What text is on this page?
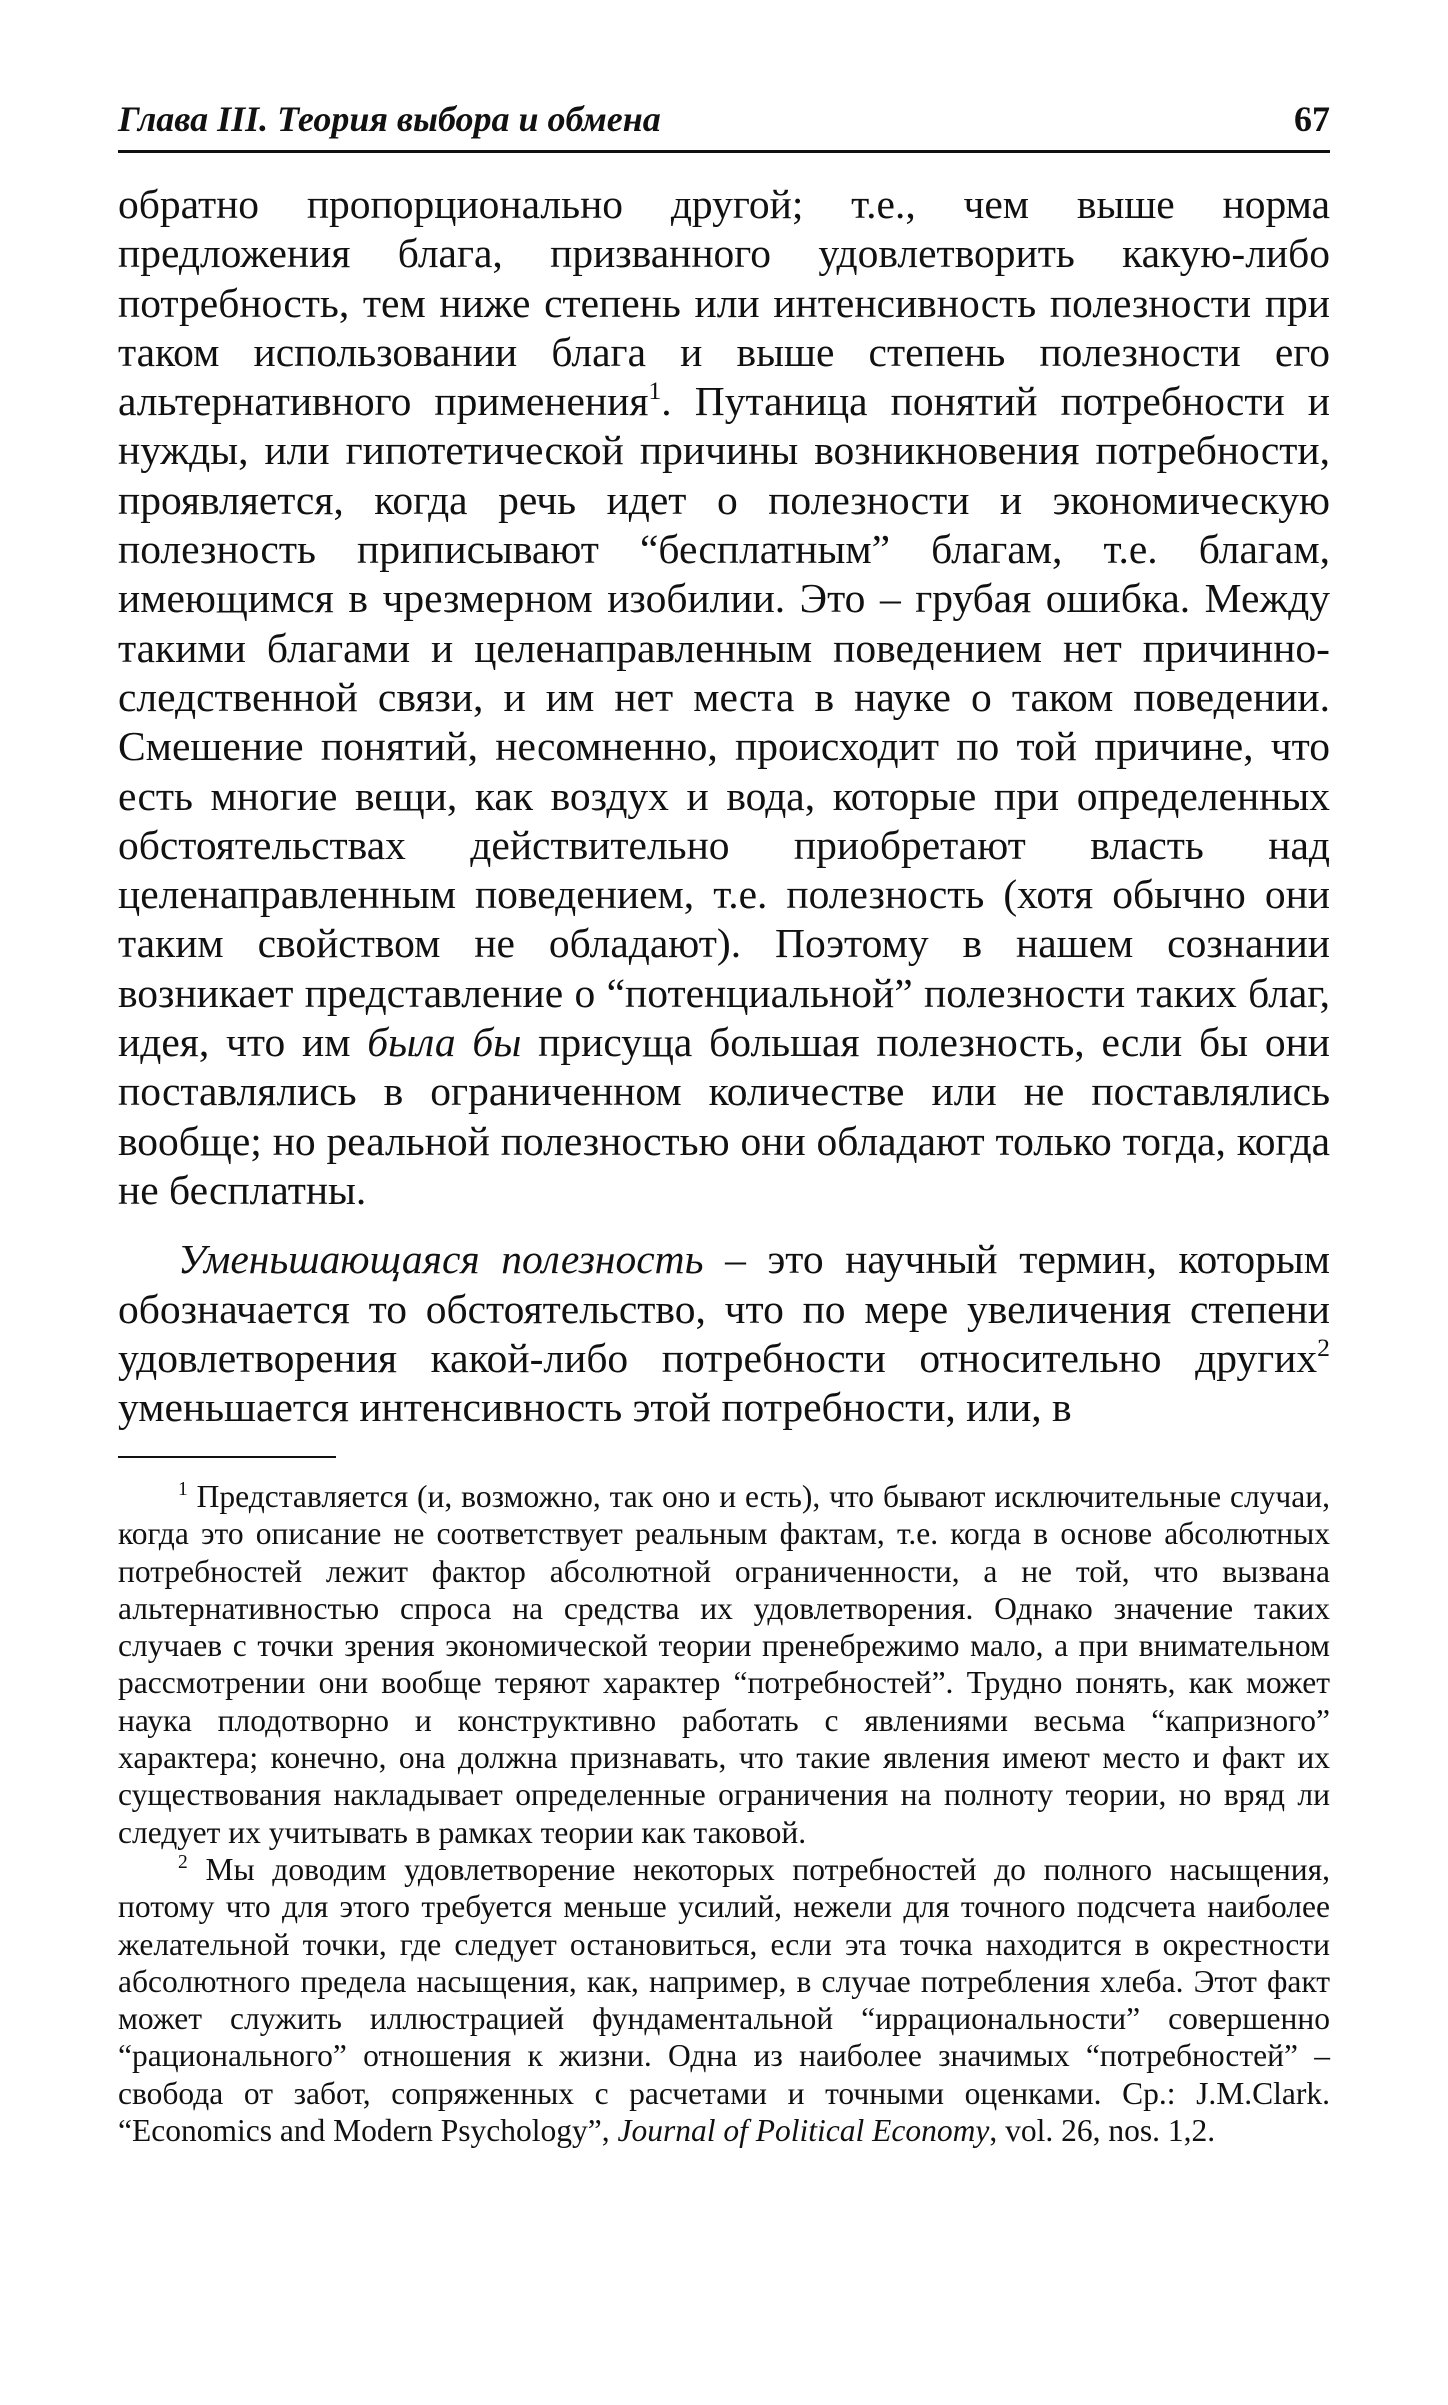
Глава III. Теория выбора и обмена	67

обратно пропорционально другой; т.е., чем выше норма предложения блага, призванного удовлетворить какую-либо потребность, тем ниже степень или интенсивность полезности при таком использовании блага и выше степень полезности его альтернативного применения$^1$. Путаница понятий потребности и нужды, или гипотетической причины возникновения потребности, проявляется, когда речь идет о полезности и экономическую полезность приписывают “бесплатным” благам, т.е. благам, имеющимся в чрезмерном изобилии. Это – грубая ошибка. Между такими благами и целенаправленным поведением нет причинно-следственной связи, и им нет места в науке о таком поведении. Смешение понятий, несомненно, происходит по той причине, что есть многие вещи, как воздух и вода, которые при определенных обстоятельствах действительно приобретают власть над целенаправленным поведением, т.е. полезность (хотя обычно они таким свойством не обладают). Поэтому в нашем сознании возникает представление о “потенциальной” полезности таких благ, идея, что им была бы присуща большая полезность, если бы они поставлялись в ограниченном количестве или не поставлялись вообще; но реальной полезностью они обладают только тогда, когда не бесплатны.

Уменьшающаяся полезность – это научный термин, которым обозначается то обстоятельство, что по мере увеличения степени удовлетворения какой-либо потребности относительно других$^2$ уменьшается интенсивность этой потребности, или, в

$^1$ Представляется (и, возможно, так оно и есть), что бывают исключительные случаи, когда это описание не соответствует реальным фактам, т.е. когда в основе абсолютных потребностей лежит фактор абсолютной ограниченности, а не той, что вызвана альтернативностью спроса на средства их удовлетворения. Однако значение таких случаев с точки зрения экономической теории пренебрежимо мало, а при внимательном рассмотрении они вообще теряют характер “потребностей”. Трудно понять, как может наука плодотворно и конструктивно работать с явлениями весьма “капризного” характера; конечно, она должна признавать, что такие явления имеют место и факт их существования накладывает определенные ограничения на полноту теории, но вряд ли следует их учитывать в рамках теории как таковой.

$^2$ Мы доводим удовлетворение некоторых потребностей до полного насыщения, потому что для этого требуется меньше усилий, нежели для точного подсчета наиболее желательной точки, где следует остановиться, если эта точка находится в окрестности абсолютного предела насыщения, как, например, в случае потребления хлеба. Этот факт может служить иллюстрацией фундаментальной “иррациональности” совершенно “рационального” отношения к жизни. Одна из наиболее значимых “потребностей” – свобода от забот, сопряженных с расчетами и точными оценками. Ср.: J.M.Clark. “Economics and Modern Psychology”, Journal of Political Economy, vol. 26, nos. 1,2.
